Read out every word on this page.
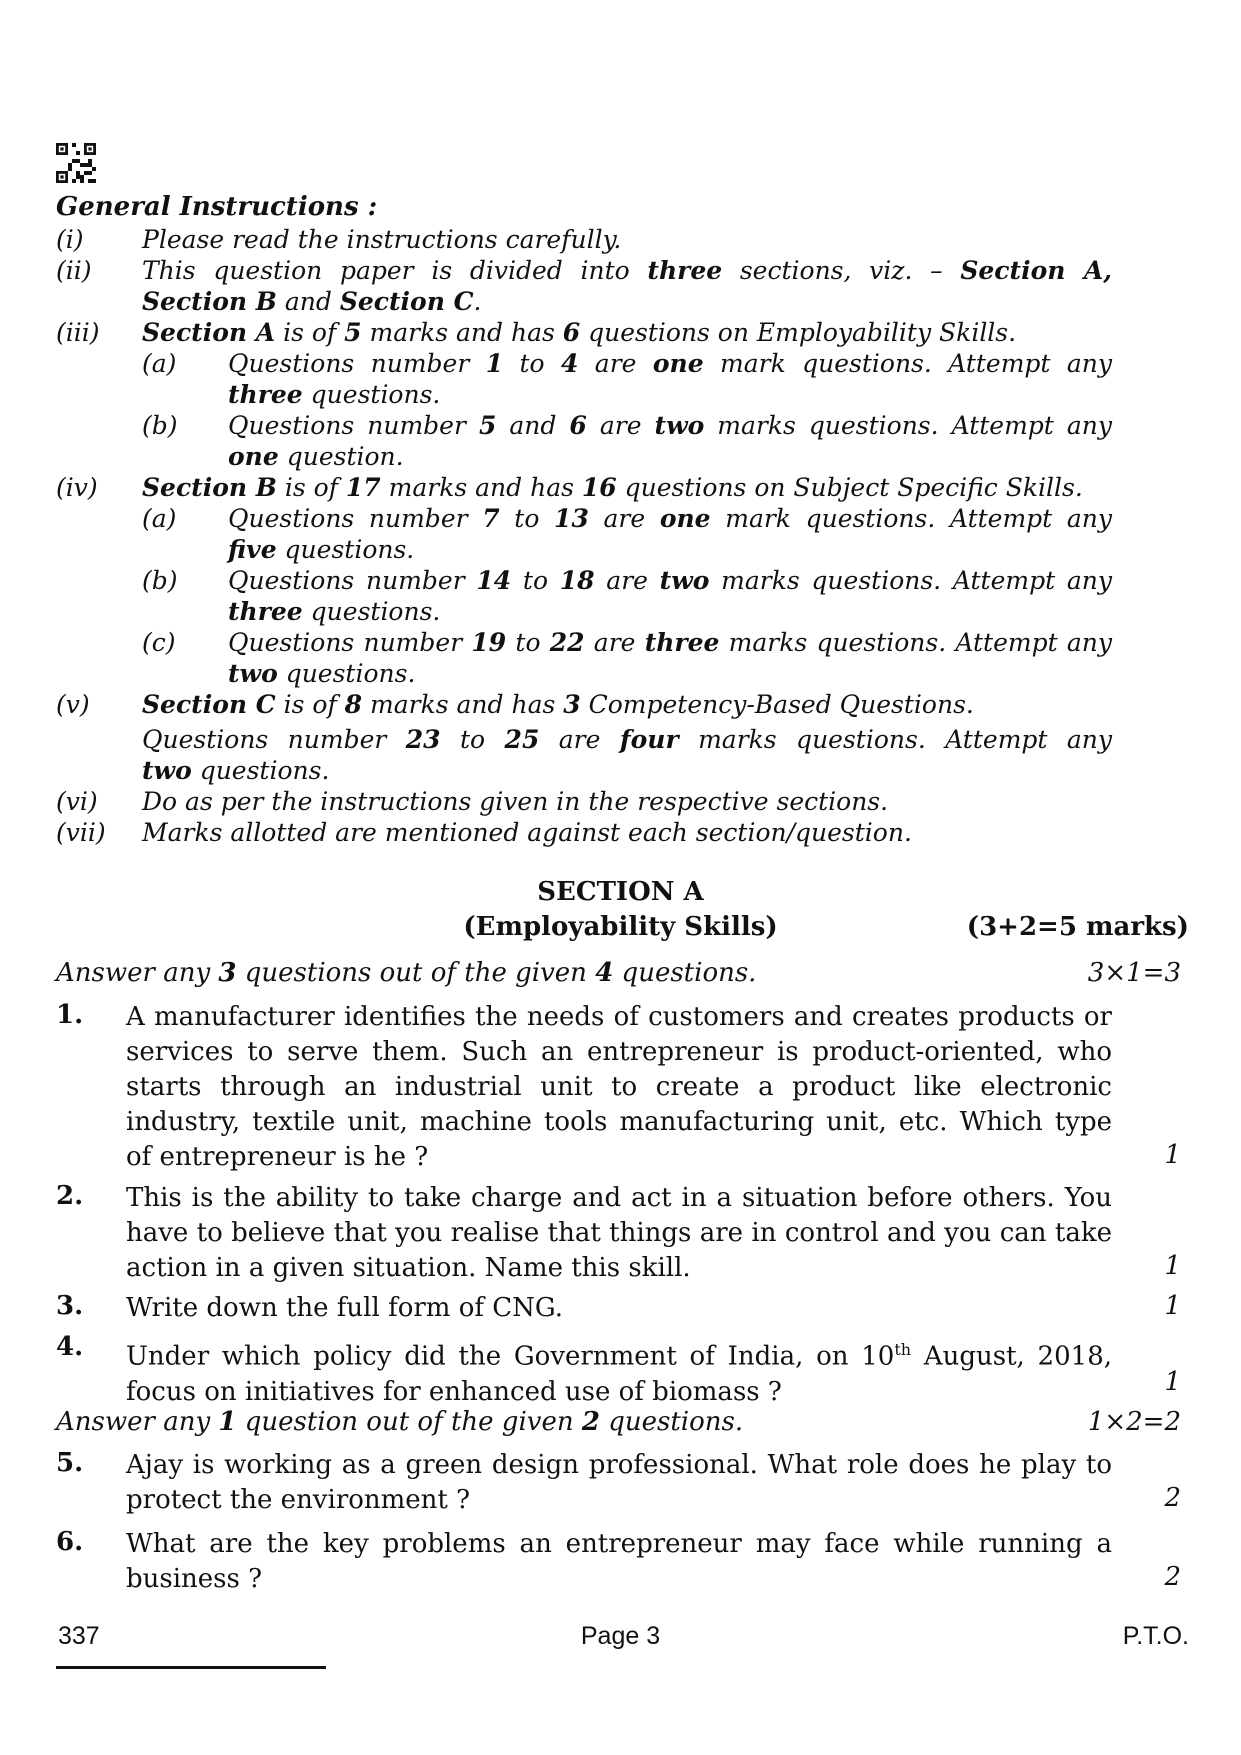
General Instructions :
(i) Please read the instructions carefully.
(ii) This question paper is divided into three sections, viz. – Section A,
Section B and Section C.
(iii) Section A is of 5 marks and has 6 questions on Employability Skills.
(a) Questions number 1 to 4 are one mark questions. Attempt any
three questions.
(b) Questions number 5 and 6 are two marks questions. Attempt any
one question.
(iv) Section B is of 17 marks and has 16 questions on Subject Specific Skills.
(a) Questions number 7 to 13 are one mark questions. Attempt any
five questions.
(b) Questions number 14 to 18 are two marks questions. Attempt any
three questions.
(c) Questions number 19 to 22 are three marks questions. Attempt any
two questions.
(v) Section C is of 8 marks and has 3 Competency-Based Questions.
Questions number 23 to 25 are four marks questions. Attempt any
two questions.
(vi) Do as per the instructions given in the respective sections.
(vii) Marks allotted are mentioned against each section/question.
SECTION A
(Employability Skills)	(3+2=5 marks)
Answer any 3 questions out of the given 4 questions.	3×1=3
1. A manufacturer identifies the needs of customers and creates products or
services to serve them. Such an entrepreneur is product-oriented, who
starts through an industrial unit to create a product like electronic
industry, textile unit, machine tools manufacturing unit, etc. Which type
of entrepreneur is he ?	1
2. This is the ability to take charge and act in a situation before others. You
have to believe that you realise that things are in control and you can take
action in a given situation. Name this skill.	1
3. Write down the full form of CNG.	1
4. Under which policy did the Government of India, on 10th August, 2018,
focus on initiatives for enhanced use of biomass ?	1
Answer any 1 question out of the given 2 questions.	1×2=2
5. Ajay is working as a green design professional. What role does he play to
protect the environment ?	2
6. What are the key problems an entrepreneur may face while running a
business ?	2
337	Page 3	P.T.O.
